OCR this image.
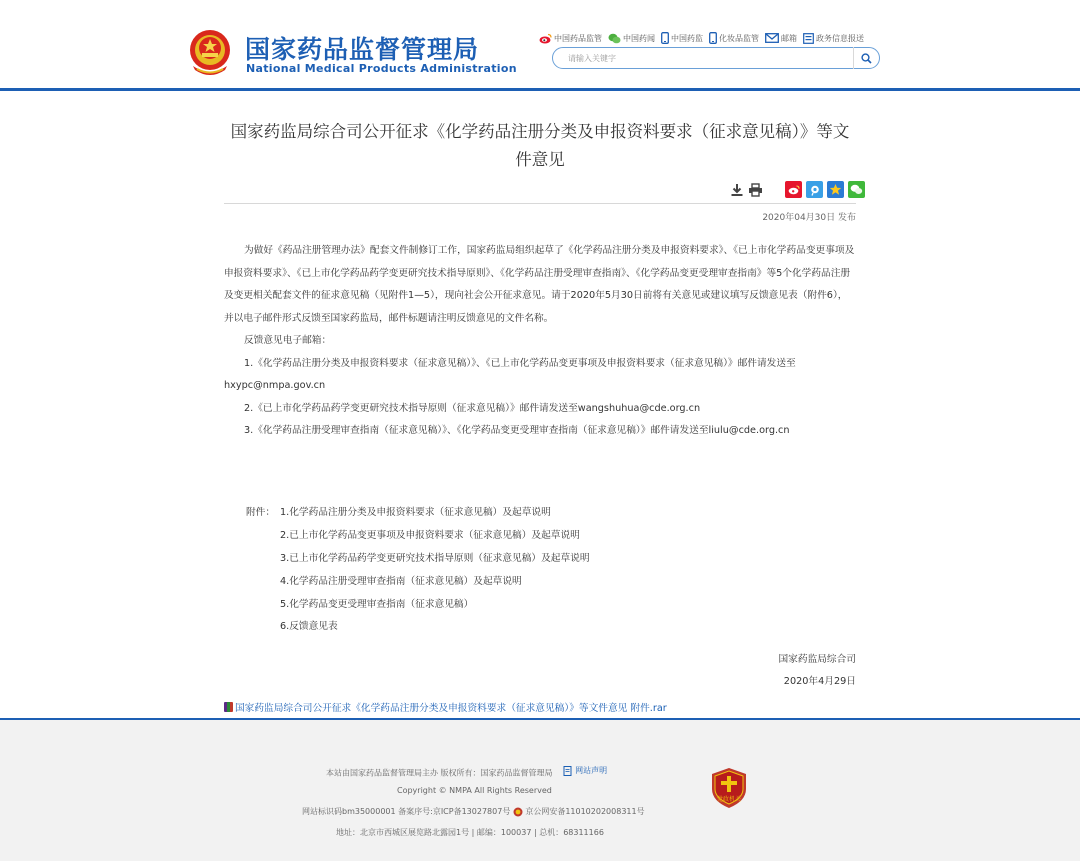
国家药品监督管理局
National Medical Products Administration
中国药品监管	中国药闻 中国药监 化妆品监管	邮箱 政务信息报送
请输入关键字
国家药监局综合司公开征求《化学药品注册分类及申报资料要求（征求意见稿）》等文件意见
2020年04月30日 发布

为做好《药品注册管理办法》配套文件制修订工作，国家药监局组织起草了《化学药品注册分类及申报资料要求》、《已上市化学药品变更事项及申报资料要求》、《已上市化学药品药学变更研究技术指导原则》、《化学药品注册受理审查指南》、《化学药品变更受理审查指南》等5个化学药品注册及变更相关配套文件的征求意见稿（见附件1—5），现向社会公开征求意见。请于2020年5月30日前将有关意见或建议填写反馈意见表（附件6），并以电子邮件形式反馈至国家药监局，邮件标题请注明反馈意见的文件名称。

反馈意见电子邮箱：

1.《化学药品注册分类及申报资料要求（征求意见稿）》、《已上市化学药品变更事项及申报资料要求（征求意见稿）》邮件请发送至hxypc@nmpa.gov.cn

2.《已上市化学药品药学变更研究技术指导原则（征求意见稿）》邮件请发送至wangshuhua@cde.org.cn

3.《化学药品注册受理审查指南（征求意见稿）》、《化学药品变更受理审查指南（征求意见稿）》邮件请发送至liulu@cde.org.cn

附件： 1.化学药品注册分类及申报资料要求（征求意见稿）及起草说明
2.已上市化学药品变更事项及申报资料要求（征求意见稿）及起草说明
3.已上市化学药品药学变更研究技术指导原则（征求意见稿）及起草说明
4.化学药品注册受理审查指南（征求意见稿）及起草说明
5.化学药品变更受理审查指南（征求意见稿）
6.反馈意见表
国家药监局综合司
2020年4月29日
国家药监局综合司公开征求《化学药品注册分类及申报资料要求（征求意见稿）》等文件意见 附件.rar
本站由国家药品监督管理局主办 版权所有：国家药品监督管理局	网站声明
Copyright © NMPA All Rights Reserved
网站标识码bm35000001 备案序号:京ICP备13027807号 京公网安备11010202008311号
地址：北京市西城区展览路北露园1号 | 邮编：100037 | 总机：68311166
党政机关
